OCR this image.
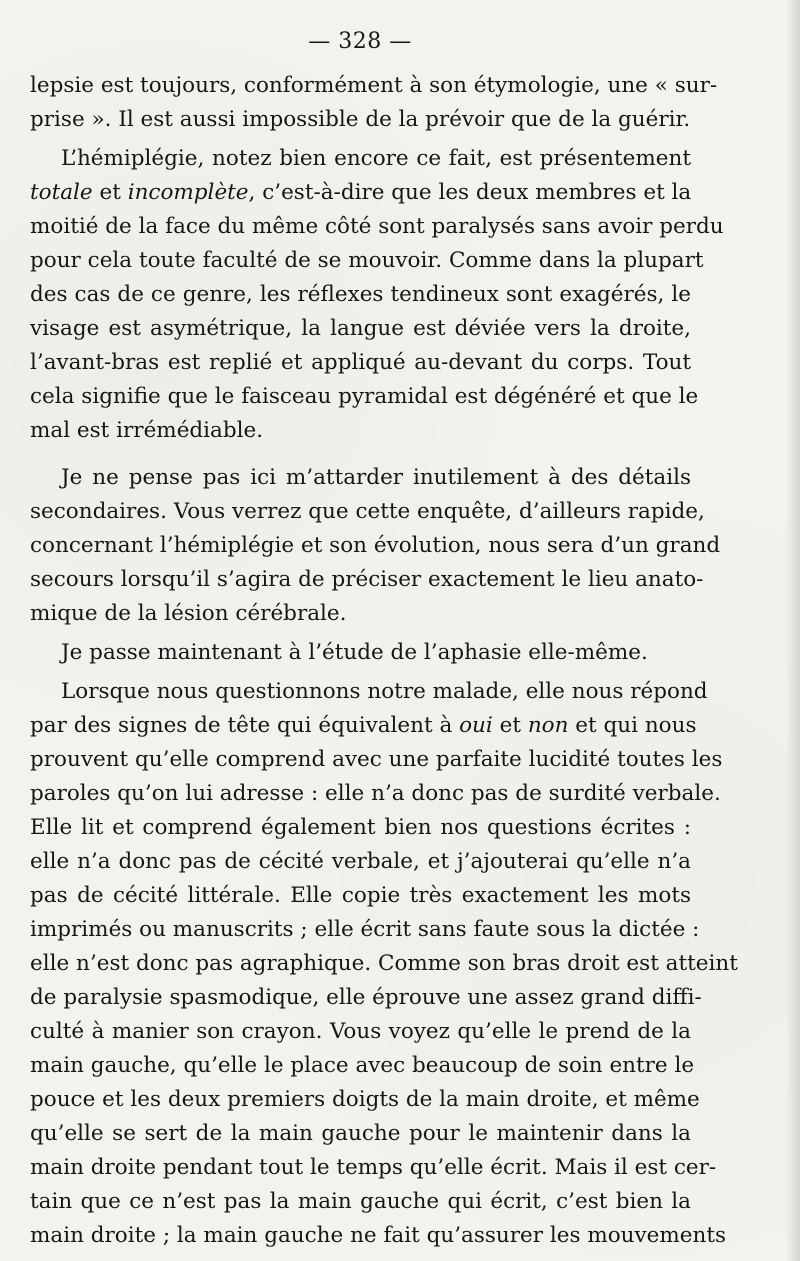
— 328 —
lepsie est toujours, conformément à son étymologie, une « sur-
prise ». Il est aussi impossible de la prévoir que de la guérir.
L’hémiplégie, notez bien encore ce fait, est présentement
totale et incomplète, c’est-à-dire que les deux membres et la
moitié de la face du même côté sont paralysés sans avoir perdu
pour cela toute faculté de se mouvoir. Comme dans la plupart
des cas de ce genre, les réflexes tendineux sont exagérés, le
visage est asymétrique, la langue est déviée vers la droite,
l’avant-bras est replié et appliqué au-devant du corps. Tout
cela signifie que le faisceau pyramidal est dégénéré et que le
mal est irrémédiable.
Je ne pense pas ici m’attarder inutilement à des détails
secondaires. Vous verrez que cette enquête, d’ailleurs rapide,
concernant l’hémiplégie et son évolution, nous sera d’un grand
secours lorsqu’il s’agira de préciser exactement le lieu anato-
mique de la lésion cérébrale.
Je passe maintenant à l’étude de l’aphasie elle-même.
Lorsque nous questionnons notre malade, elle nous répond
par des signes de tête qui équivalent à oui et non et qui nous
prouvent qu’elle comprend avec une parfaite lucidité toutes les
paroles qu’on lui adresse : elle n’a donc pas de surdité verbale.
Elle lit et comprend également bien nos questions écrites :
elle n’a donc pas de cécité verbale, et j’ajouterai qu’elle n’a
pas de cécité littérale. Elle copie très exactement les mots
imprimés ou manuscrits ; elle écrit sans faute sous la dictée :
elle n’est donc pas agraphique. Comme son bras droit est atteint
de paralysie spasmodique, elle éprouve une assez grand diffi-
culté à manier son crayon. Vous voyez qu’elle le prend de la
main gauche, qu’elle le place avec beaucoup de soin entre le
pouce et les deux premiers doigts de la main droite, et même
qu’elle se sert de la main gauche pour le maintenir dans la
main droite pendant tout le temps qu’elle écrit. Mais il est cer-
tain que ce n’est pas la main gauche qui écrit, c’est bien la
main droite ; la main gauche ne fait qu’assurer les mouvements
